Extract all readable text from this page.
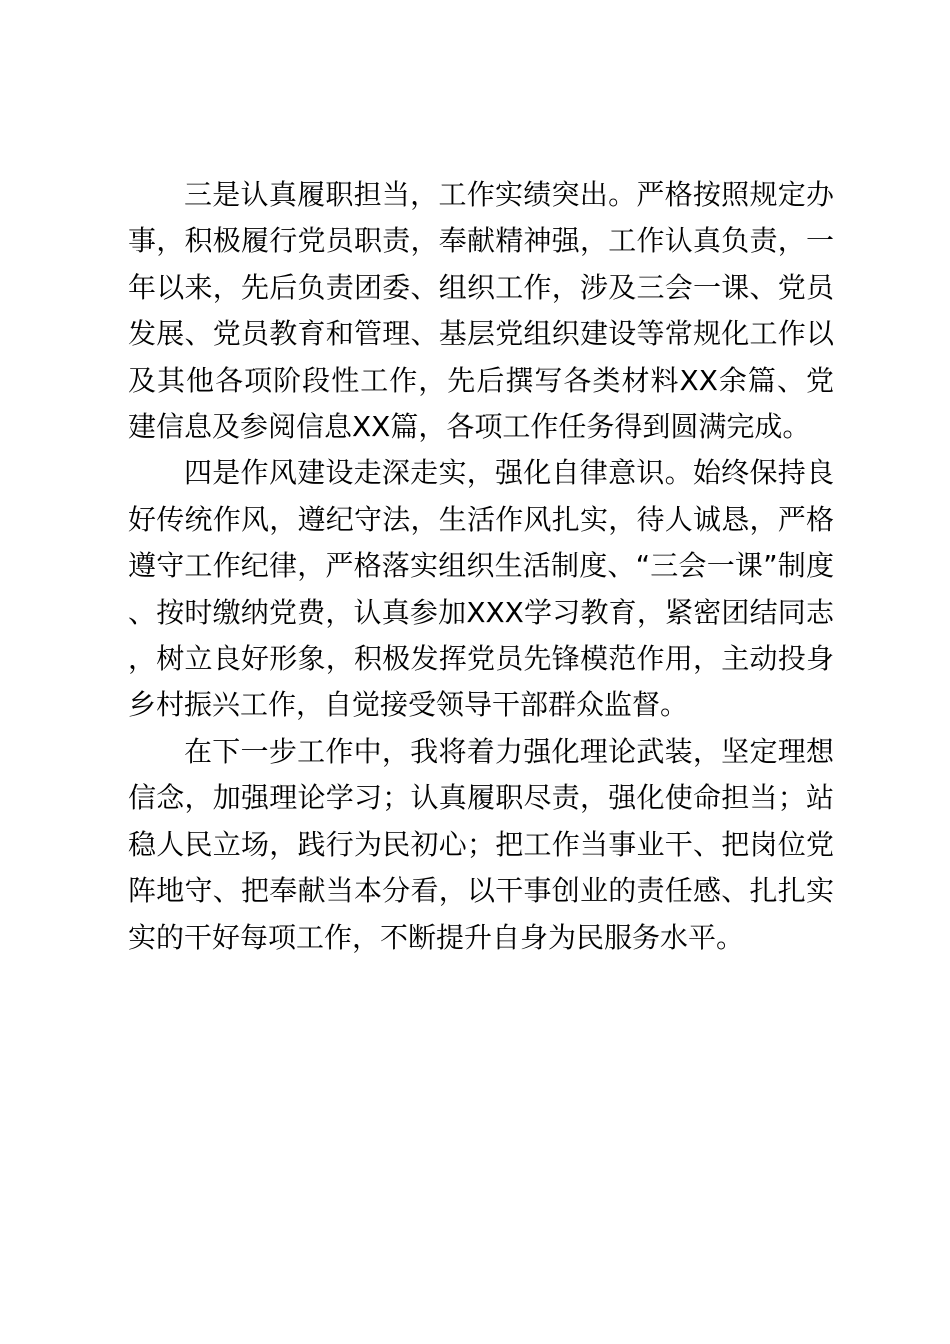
三是认真履职担当，工作实绩突出。严格按照规定办事，积极履行党员职责，奉献精神强，工作认真负责，一年以来，先后负责团委、组织工作，涉及三会一课、党员发展、党员教育和管理、基层党组织建设等常规化工作以及其他各项阶段性工作，先后撰写各类材料XX余篇、党建信息及参阅信息XX篇，各项工作任务得到圆满完成。

四是作风建设走深走实，强化自律意识。始终保持良好传统作风，遵纪守法，生活作风扎实，待人诚恳，严格遵守工作纪律，严格落实组织生活制度、“三会一课”制度、按时缴纳党费，认真参加XXX学习教育，紧密团结同志，树立良好形象，积极发挥党员先锋模范作用，主动投身乡村振兴工作，自觉接受领导干部群众监督。

在下一步工作中，我将着力强化理论武装，坚定理想信念，加强理论学习；认真履职尽责，强化使命担当；站稳人民立场，践行为民初心；把工作当事业干、把岗位党阵地守、把奉献当本分看，以干事创业的责任感、扎扎实实的干好每项工作，不断提升自身为民服务水平。
